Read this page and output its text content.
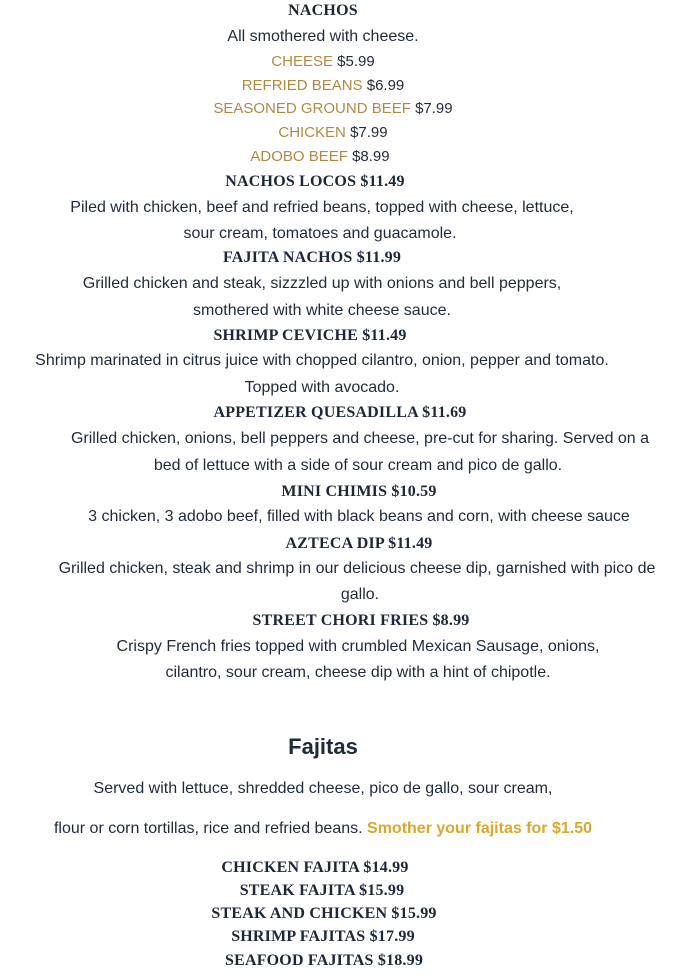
NACHOS
All smothered with cheese.
CHEESE $5.99
REFRIED BEANS $6.99
SEASONED GROUND BEEF $7.99
CHICKEN $7.99
ADOBO BEEF $8.99
NACHOS LOCOS $11.49
Piled with chicken, beef and refried beans, topped with cheese, lettuce,
sour cream, tomatoes and guacamole.
FAJITA NACHOS $11.99
Grilled chicken and steak, sizzzled up with onions and bell peppers,
smothered with white cheese sauce.
SHRIMP CEVICHE $11.49
Shrimp marinated in citrus juice with chopped cilantro, onion, pepper and tomato.
Topped with avocado.
APPETIZER QUESADILLA $11.69
Grilled chicken, onions, bell peppers and cheese, pre-cut for sharing. Served on a
bed of lettuce with a side of sour cream and pico de gallo.
MINI CHIMIS $10.59
3 chicken, 3 adobo beef, filled with black beans and corn, with cheese sauce
AZTECA DIP $11.49
Grilled chicken, steak and shrimp in our delicious cheese dip, garnished with pico de
gallo.
STREET CHORI FRIES $8.99
Crispy French fries topped with crumbled Mexican Sausage, onions,
cilantro, sour cream, cheese dip with a hint of chipotle.
Fajitas
Served with lettuce, shredded cheese, pico de gallo, sour cream,
flour or corn tortillas, rice and refried beans. Smother your fajitas for $1.50
CHICKEN FAJITA $14.99
STEAK FAJITA $15.99
STEAK AND CHICKEN $15.99
SHRIMP FAJITAS $17.99
SEAFOOD FAJITAS $18.99
